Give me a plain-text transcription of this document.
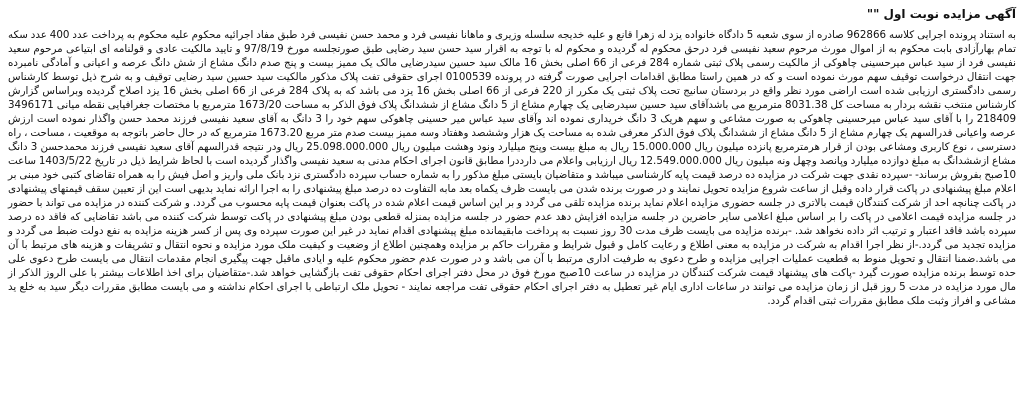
آگهی مزایده نوبت اول ""

به استناد پرونده اجرایی کلاسه 962866 صادره از سوی شعبه 5 دادگاه خانواده یزد له زهرا قانع و علیه خدیجه سلسله وزیری و ماهانا نفیسی فرد و محمد حسن نفیسی فرد طبق مفاد اجرائیه محکوم علیه محکوم به پرداخت عدد 400 عدد سکه تمام بهارآزادی بابت محکوم به از اموال مورث مرحوم سعید نفیسی فرد درحق محکوم له گردیده و محکوم له با توجه به اقرار سید حسن سید رضایی طبق صورتجلسه مورخ 97/8/19 و تایید مالکیت عادی و قولنامه ای ابتیاعی مرحوم سعید نفیسی فرد از سید عباس میرحسینی چاهوکی از مالکیت رسمی پلاک ثبتی شماره 284 فرعی از 66 اصلی بخش 16 مالک سید حسین سیدرضایی مالک یک ممیز بیست و پنج صدم دانگ مشاع از شش دانگ عرصه و اعیانی و آمادگی نامبرده جهت انتقال درخواست توقیف سهم مورث نموده است و که در همین راستا مطابق اقدامات اجرایی صورت گرفته در پرونده 0100539 اجرای حقوقی تفت پلاک مذکور مالکیت سید حسین سید رضایی توقیف و به شرح ذیل توسط کارشناس رسمی دادگستری ارزیابی شده است اراضی مورد نظر واقع در بردستان سانیج تحت پلاک ثبتی یک مکرر از 220 فرعی از 66 اصلی بخش 16 یزد می باشد که به پلاک 284 فرعی از 66 اصلی بخش 16 یزد اصلاح گردیده وبراساس گزارش کارشناس منتخب نقشه بردار به مساحت کل 8031.38 مترمربع می باشدآقای سید حسین سیدرضایی یک چهارم مشاع از 5 دانگ مشاع از ششدانگ پلاک فوق الذکر به مساحت 1673/20 مترمربع با مختصات جغرافیایی نقطه میانی 3496171 218409 را با آقای سید عباس میرحسینی چاهوکی به صورت مشاعی و سهم هریک 3 دانگ خریداری نموده اند وآقای سید عباس میر حسینی چاهوکی سهم خود را 3 دانگ به آقای سعید نفیسی فرزند محمد حسن واگذار نموده است ارزش عرصه واعیانی قدرالسهم یک چهارم مشاع از 5 دانگ مشاع از ششدانگ پلاک فوق الذکر معرفی شده به مساحت یک هزار وششصد وهفتاد وسه ممیز بیست صدم متر مربع 1673.20 مترمربع که در حال حاضر باتوجه به موقعیت ، مساحت ، راه دسترسی ، نوع کاربری ومشاعی بودن از قرار هرمترمربع پانزده میلیون ریال 15.000.000 ریال به مبلغ بیست وپنج میلیارد ونود وهشت میلیون ریال 25.098.000.000 ریال ودر نتیجه قدرالسهم آقای سعید نفیسی فرزند محمدحسن 3 دانگ مشاع ازششدانگ به مبلغ دوازده میلیارد وپانصد وچهل ونه میلیون ریال 12.549.000.000 ریال ارزیابی واعلام می دارددرا مطابق قانون اجرای احکام مدنی به سعید نفیسی واگذار گردیده است با لحاظ شرایط ذیل در تاریخ 1403/5/22 ساعت 10صبح بفروش برساند- -سپرده نقدی جهت شرکت در مزایده ده درصد قیمت پایه کارشناسی میباشد و متقاضیان بایستی مبلغ مذکور را به شماره حساب سپرده دادگستری نزد بانک ملی واریز و اصل فیش را به همراه تقاضای کتبی خود مبنی بر اعلام مبلغ پیشنهادی در پاکت قرار داده وقبل از ساعت شروع مزایده تحویل نمایند و در صورت برنده شدن می بایست ظرف یکماه بعد مابه التفاوت ده درصد مبلغ پیشنهادی را به اجرا ارائه نماید بدیهی است این از تعیین سقف قیمتهای پیشنهادی در پاکت چنانچه احد از شرکت کنندگان قیمت بالاتری در جلسه حضوری مزایده اعلام نماید برنده مزایده تلقی می گردد و بر این اساس قیمت اعلام شده در پاکت بعنوان قیمت پایه محسوب می گردد. و شرکت کننده در مزایده می تواند با حضور در جلسه مزایده قیمت اعلامی در پاکت را بر اساس مبلغ اعلامی سایر حاضرین در جلسه مزایده افزایش دهد عدم حضور در جلسه مزایده بمنزله قطعی بودن مبلغ پیشنهادی در پاکت توسط شرکت کننده می باشد تقاضایی که فاقد ده درصد سپرده باشد فاقد اعتبار و ترتیب اثر داده نخواهد شد. -برنده مزایده می بایست ظرف مدت 30 روز نسبت به پرداخت مابقیمانده مبلغ پیشنهادی اقدام نماید در غیر این صورت سپرده وی پس از کسر هزینه مزایده به نفع دولت ضبط می گردد و مزایده تجدید می گردد.-از نظر اجرا اقدام به شرکت در مزایده به معنی اطلاع و رعایت کامل و قبول شرایط و مقررات حاکم بر مزایده وهمچنین اطلاع از وضعیت و کیفیت ملک مورد مزایده و نحوه انتقال و تشریفات و هزینه های مرتبط با آن می باشد.ضمنا انتقال و تحویل منوط به قطعیت عملیات اجرایی مزایده و طرح دعوی به طرفیت اداری مرتبط با آن می باشد و در صورت عدم حضور محکوم علیه و ایادی ماقبل جهت پیگیری انجام مقدمات انتقال می بایست طرح دعوی علی حده توسط برنده مزایده صورت گیرد -پاکت های پیشنهاد قیمت شرکت کنندگان در مزایده در ساعت 10صبح مورخ فوق در محل دفتر اجرای احکام حقوقی تفت بازگشایی خواهد شد.-متقاضیان برای اخذ اطلاعات بیشتر با علی الروز الذکر از مال مورد مزایده در مدت 5 روز قبل از زمان مزایده می توانند در ساعات اداری ایام غیر تعطیل به دفتر اجرای احکام حقوقی تفت مراجعه نمایند - تحویل ملک ارتباطی با اجرای احکام نداشته و می بایست مطابق مقررات دیگر سید به خلع ید مشاعی و افراز وثبت ملک مطابق مقررات ثبتی اقدام گردد.
